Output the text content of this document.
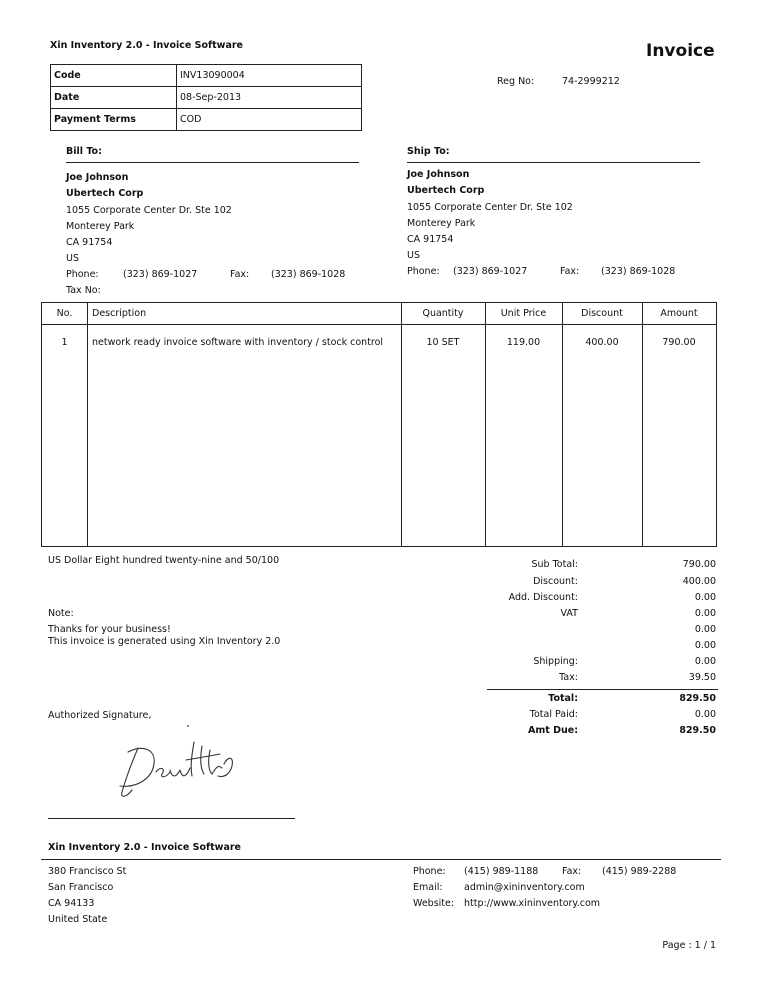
Xin Inventory 2.0 - Invoice Software	Invoice
Code	INV13090004
Date	08-Sep-2013
Payment Terms	COD
Reg No:	74-2999212
Bill To:
Joe Johnson
Ubertech Corp
1055 Corporate Center Dr. Ste 102
Monterey Park
CA 91754
US
Phone:	(323) 869-1027	Fax: (323) 869-1028
Tax No:
Ship To:
Joe Johnson
Ubertech Corp
1055 Corporate Center Dr. Ste 102
Monterey Park
CA 91754
US
Phone: (323) 869-1027	Fax: (323) 869-1028
No.	Description	Quantity	Unit Price	Discount	Amount
1	network ready invoice software with inventory / stock control	10 SET	119.00	400.00	790.00
US Dollar Eight hundred twenty-nine and 50/100
Note:
Thanks for your business!
This invoice is generated using Xin Inventory 2.0
Authorized Signature,
Sub Total:	790.00
Discount:	400.00
Add. Discount:	0.00
VAT	0.00
0.00
0.00
Shipping:	0.00
Tax:	39.50
Total:	829.50
Total Paid:	0.00
Amt Due:	829.50
Xin Inventory 2.0 - Invoice Software
380 Francisco St
San Francisco
CA 94133
United State
Phone: (415) 989-1188 Fax: (415) 989-2288
Email: admin@xininventory.com
Website: http://www.xininventory.com
Page : 1 / 1
